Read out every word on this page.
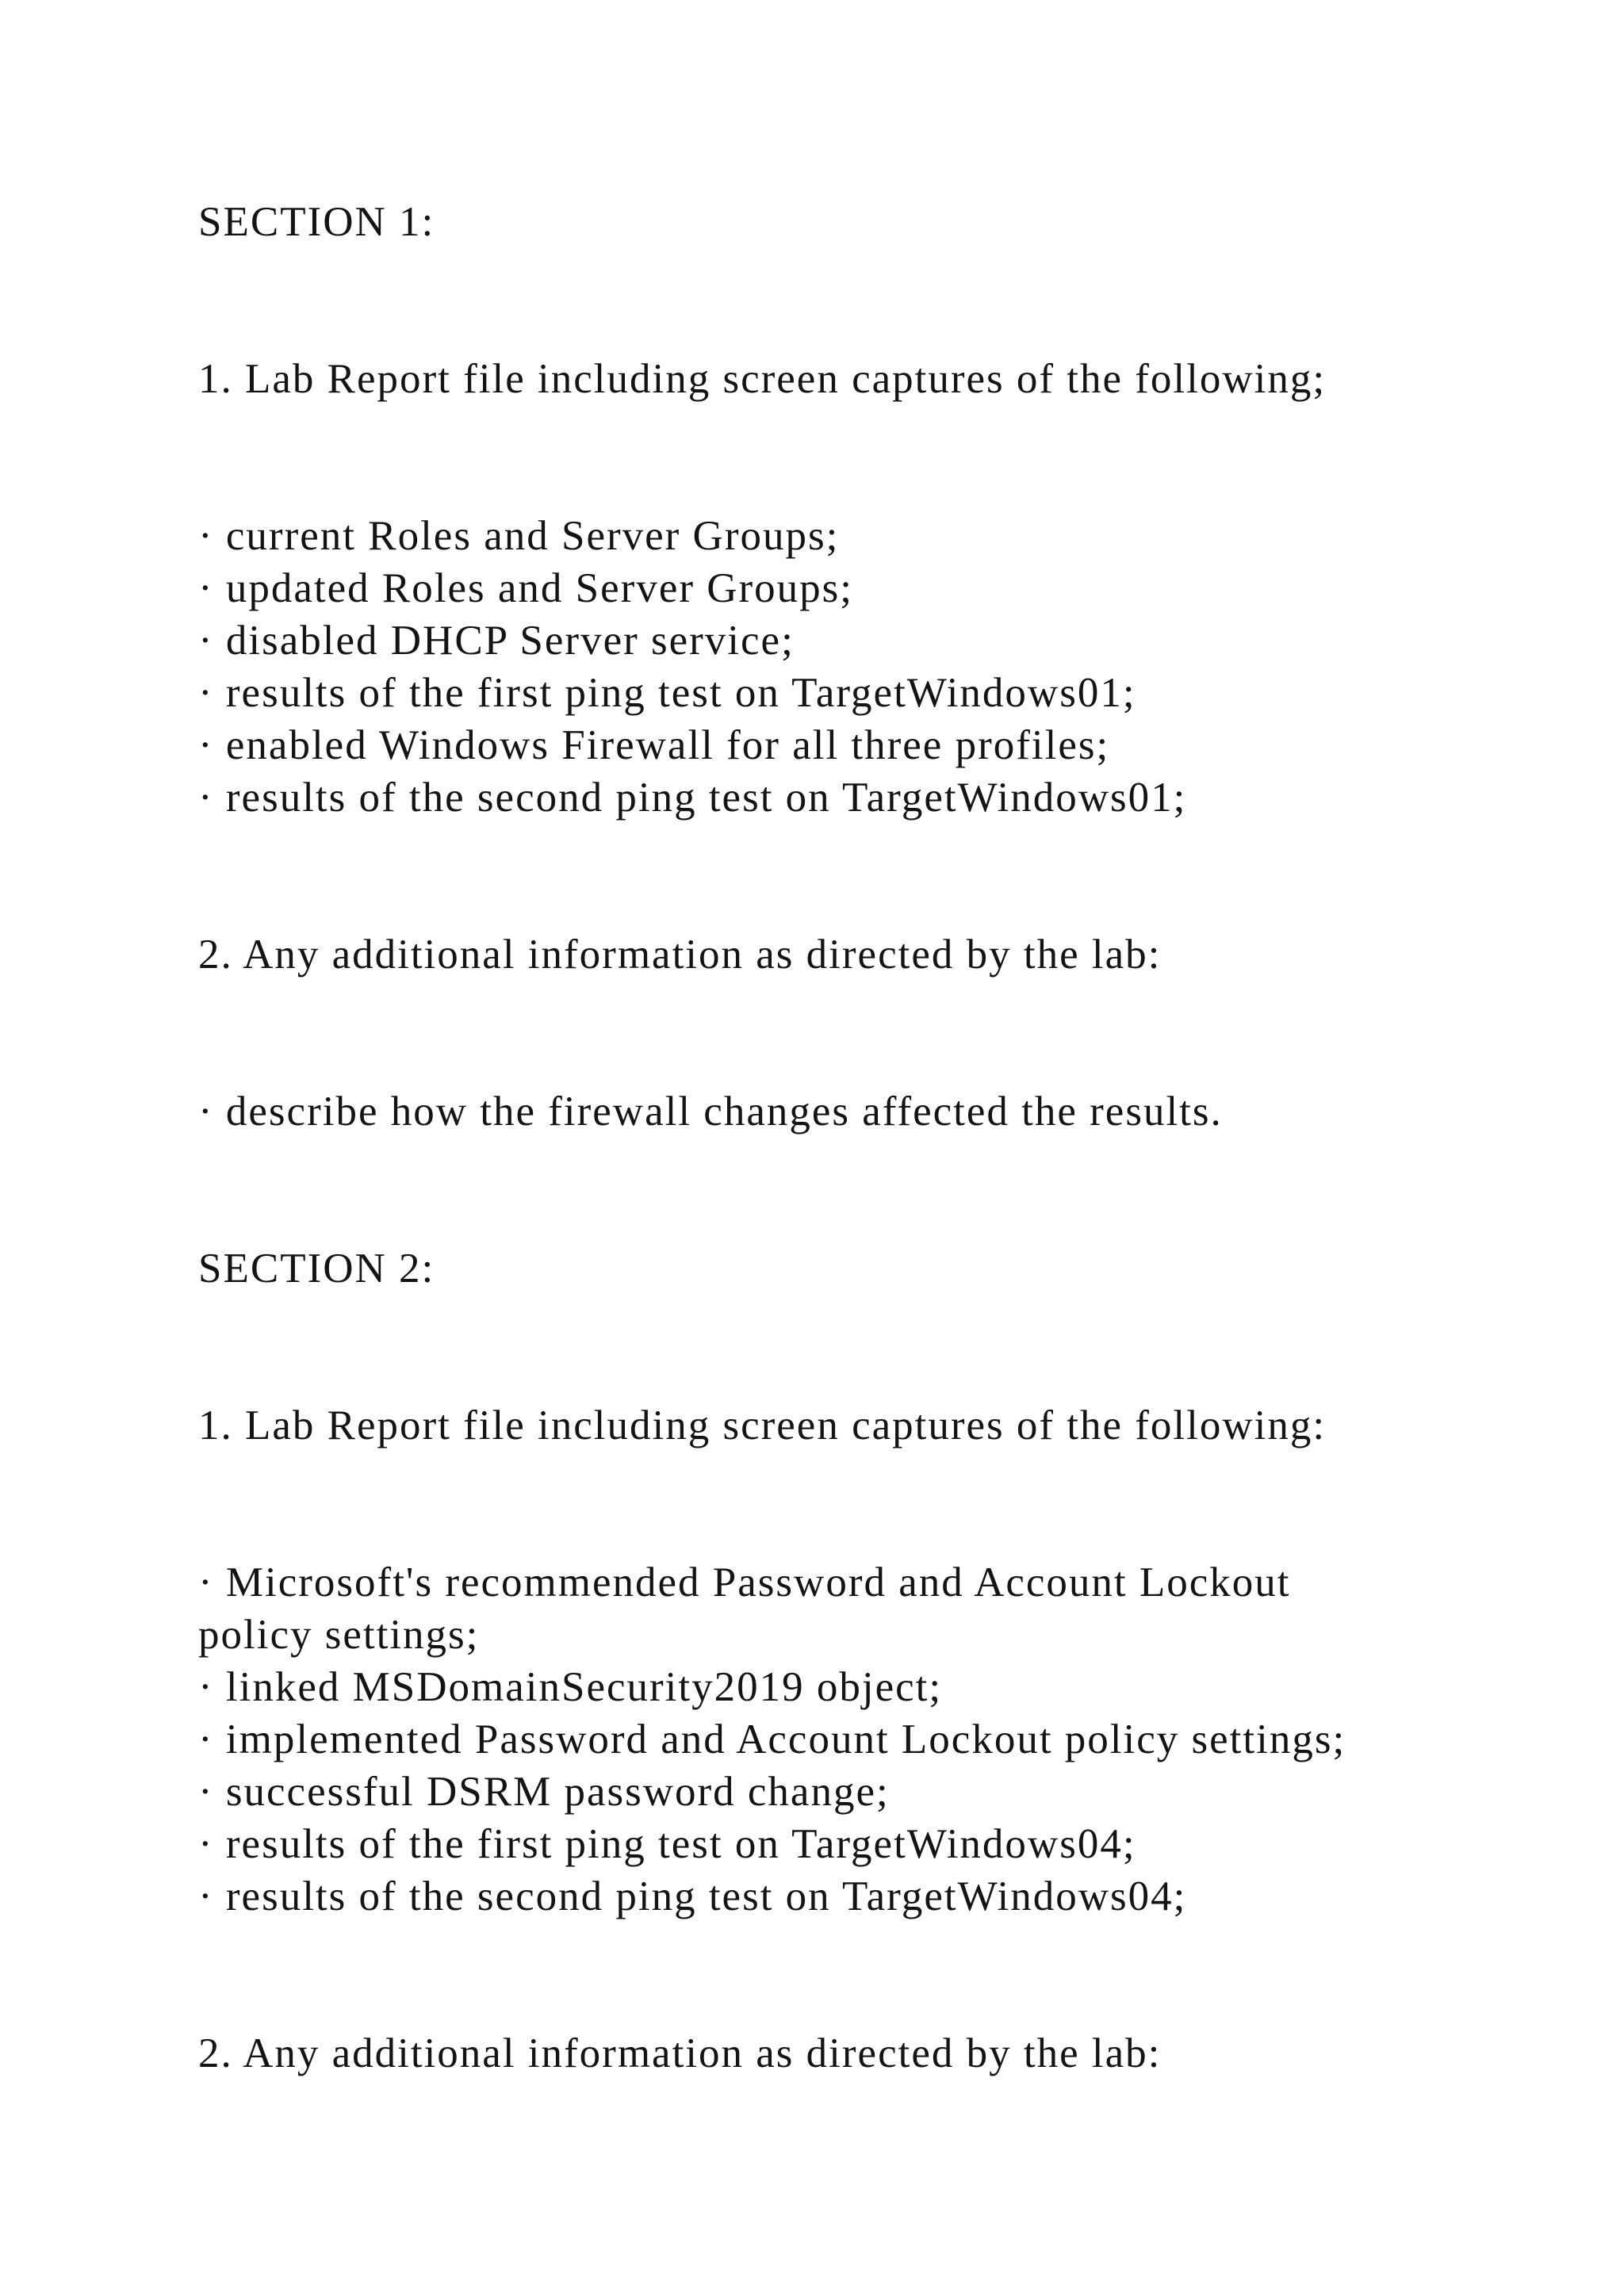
SECTION 1:

1. Lab Report file including screen captures of the following;

· current Roles and Server Groups;

· updated Roles and Server Groups;

· disabled DHCP Server service;

· results of the first ping test on TargetWindows01;

· enabled Windows Firewall for all three profiles;

· results of the second ping test on TargetWindows01;

2. Any additional information as directed by the lab:

· describe how the firewall changes affected the results.

SECTION 2:

1. Lab Report file including screen captures of the following:

· Microsoft's recommended Password and Account Lockout

policy settings;

· linked MSDomainSecurity2019 object;

· implemented Password and Account Lockout policy settings;

· successful DSRM password change;

· results of the first ping test on TargetWindows04;

· results of the second ping test on TargetWindows04;

2. Any additional information as directed by the lab:
